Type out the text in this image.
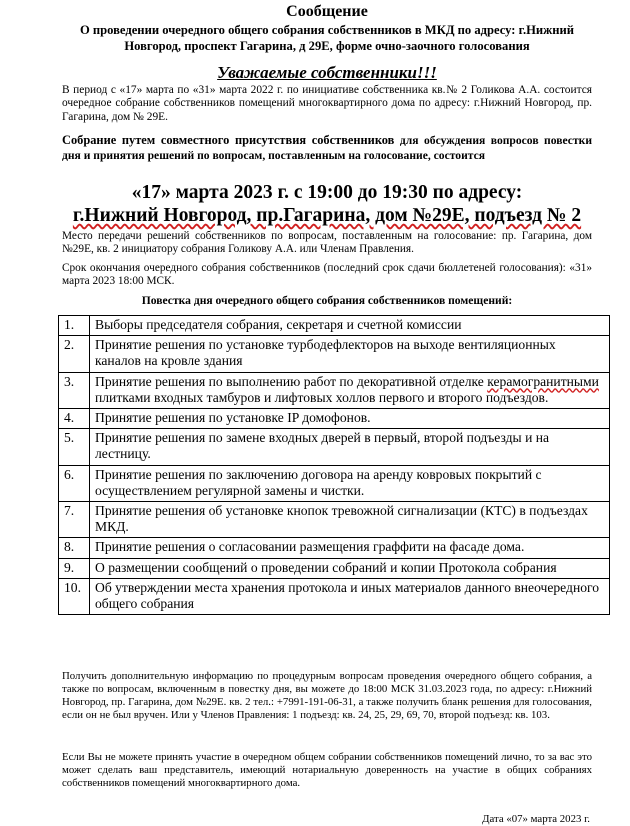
Сообщение

О проведении очередного общего собрания собственников в МКД по адресу: г.Нижний Новгород, проспект Гагарина, д 29Е, форме очно-заочного голосования

Уважаемые собственники!!!

В период с «17» марта по «31» марта 2022 г. по инициативе собственника кв.№ 2 Голикова А.А. состоится очередное собрание собственников помещений многоквартирного дома по адресу: г.Нижний Новгород, пр. Гагарина, дом № 29Е.

Собрание путем совместного присутствия собственников для обсуждения вопросов повестки дня и принятия решений по вопросам, поставленным на голосование, состоится

«17» марта 2023 г. с 19:00 до 19:30 по адресу:

г.Нижний Новгород, пр.Гагарина, дом №29Е, подъезд № 2

Место передачи решений собственников по вопросам, поставленным на голосование: пр. Гагарина, дом №29Е, кв. 2 инициатору собрания Голикову А.А. или Членам Правления.

Срок окончания очередного собрания собственников (последний срок сдачи бюллетеней голосования): «31» марта 2023 18:00 МСК.

Повестка дня очередного общего собрания собственников помещений:

1.	Выборы председателя собрания, секретаря и счетной комиссии
2.	Принятие решения по установке турбодефлекторов на выходе вентиляционных каналов на кровле здания
3.	Принятие решения по выполнению работ по декоративной отделке керамогранитными плитками входных тамбуров и лифтовых холлов первого и второго подъездов.
4.	Принятие решения по установке IP домофонов.
5.	Принятие решения по замене входных дверей в первый, второй подъезды и на лестницу.
6.	Принятие решения по заключению договора на аренду ковровых покрытий с осуществлением регулярной замены и чистки.
7.	Принятие решения об установке кнопок тревожной сигнализации (КТС) в подъездах МКД.
8.	Принятие решения о согласовании размещения граффити на фасаде дома.
9.	О размещении сообщений о проведении собраний и копии Протокола собрания
10.	Об утверждении места хранения протокола и иных материалов данного внеочередного общего собрания

Получить дополнительную информацию по процедурным вопросам проведения очередного общего собрания, а также по вопросам, включенным в повестку дня, вы можете до 18:00 МСК 31.03.2023 года, по адресу: г.Нижний Новгород, пр. Гагарина, дом №29Е. кв. 2 тел.: +7991-191-06-31, а также получить бланк решения для голосования, если он не был вручен. Или у Членов Правления: 1 подъезд: кв. 24, 25, 29, 69, 70, второй подъезд: кв. 103.

Если Вы не можете принять участие в очередном общем собрании собственников помещений лично, то за вас это может сделать ваш представитель, имеющий нотариальную доверенность на участие в общих собраниях собственников помещений многоквартирного дома.

Дата «07» марта 2023 г.
